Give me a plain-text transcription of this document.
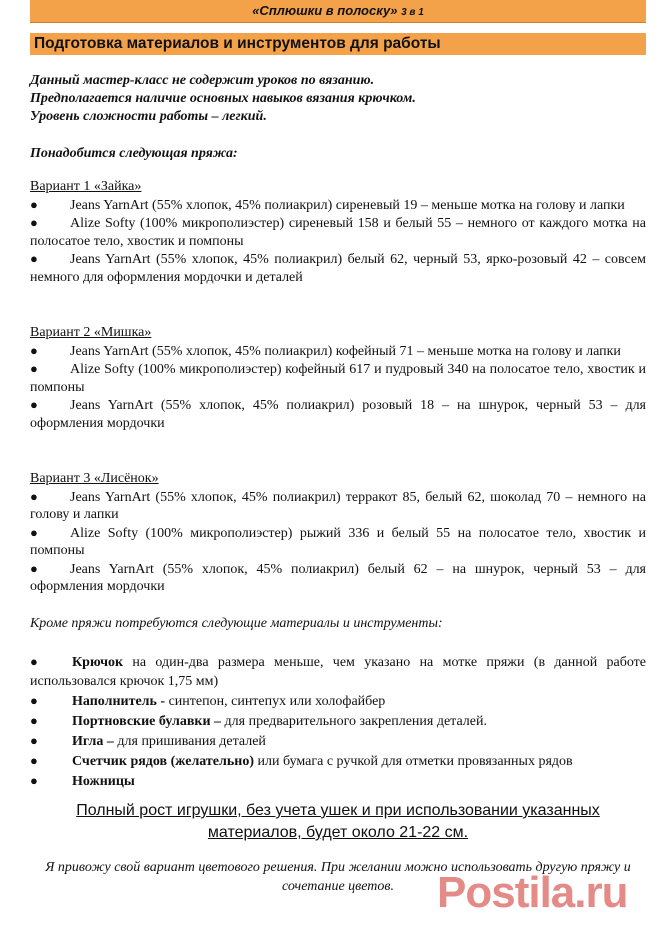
«Сплюшки в полоску» 3 в 1
Подготовка материалов и инструментов для работы
Данный мастер-класс не содержит уроков по вязанию.
Предполагается наличие основных навыков вязания крючком.
Уровень сложности работы – легкий.
Понадобится следующая пряжа:
Вариант 1 «Зайка»
● Jeans YarnArt (55% хлопок, 45% полиакрил) сиреневый 19 – меньше мотка на голову и лапки
● Alize Softy (100% микрополиэстер) сиреневый 158 и белый 55 – немного от каждого мотка на полосатое тело, хвостик и помпоны
● Jeans YarnArt (55% хлопок, 45% полиакрил) белый 62, черный 53, ярко-розовый 42 – совсем немного для оформления мордочки и деталей
Вариант 2 «Мишка»
● Jeans YarnArt (55% хлопок, 45% полиакрил) кофейный 71 – меньше мотка на голову и лапки
● Alize Softy (100% микрополиэстер) кофейный 617 и пудровый 340 на полосатое тело, хвостик и помпоны
● Jeans YarnArt (55% хлопок, 45% полиакрил) розовый 18 – на шнурок, черный 53 – для оформления мордочки
Вариант 3 «Лисёнок»
● Jeans YarnArt (55% хлопок, 45% полиакрил) терракот 85, белый 62, шоколад 70 – немного на голову и лапки
● Alize Softy (100% микрополиэстер) рыжий 336 и белый 55 на полосатое тело, хвостик и помпоны
● Jeans YarnArt (55% хлопок, 45% полиакрил) белый 62 – на шнурок, черный 53 – для оформления мордочки
Кроме пряжи потребуются следующие материалы и инструменты:
● Крючок на один-два размера меньше, чем указано на мотке пряжи (в данной работе использовался крючок 1,75 мм)
● Наполнитель - синтепон, синтепух или холофайбер
● Портновские булавки – для предварительного закрепления деталей.
● Игла – для пришивания деталей
● Счетчик рядов (желательно) или бумага с ручкой для отметки провязанных рядов
● Ножницы
Полный рост игрушки, без учета ушек и при использовании указанных материалов, будет около 21-22 см.
Я привожу свой вариант цветового решения. При желании можно использовать другую пряжу и сочетание цветов. Postila.ru
